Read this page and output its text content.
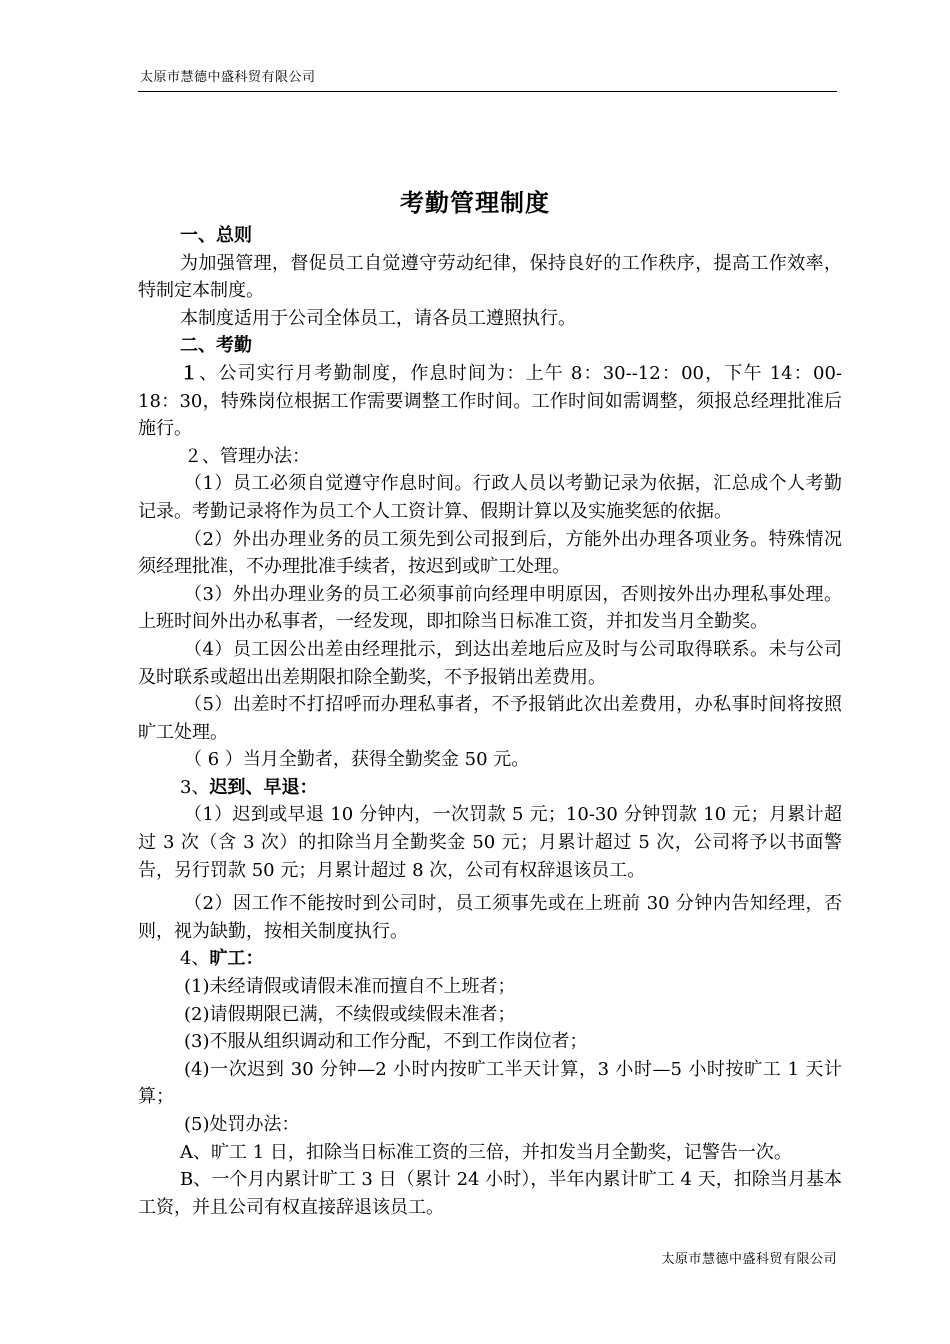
太原市慧德中盛科贸有限公司
考勤管理制度

一、总则

为加强管理，督促员工自觉遵守劳动纪律，保持良好的工作秩序，提高工作效率，特制定本制度。

本制度适用于公司全体员工，请各员工遵照执行。

二、考勤

１、公司实行月考勤制度，作息时间为：上午 8：30--12：00，下午 14：00-18：30，特殊岗位根据工作需要调整工作时间。工作时间如需调整，须报总经理批准后施行。

２、管理办法：

（1）员工必须自觉遵守作息时间。行政人员以考勤记录为依据，汇总成个人考勤记录。考勤记录将作为员工个人工资计算、假期计算以及实施奖惩的依据。

（2）外出办理业务的员工须先到公司报到后，方能外出办理各项业务。特殊情况须经理批准，不办理批准手续者，按迟到或旷工处理。

（3）外出办理业务的员工必须事前向经理申明原因，否则按外出办理私事处理。上班时间外出办私事者，一经发现，即扣除当日标准工资，并扣发当月全勤奖。

（4）员工因公出差由经理批示，到达出差地后应及时与公司取得联系。未与公司及时联系或超出出差期限扣除全勤奖，不予报销出差费用。

（5）出差时不打招呼而办理私事者，不予报销此次出差费用，办私事时间将按照旷工处理。

（ 6 ）当月全勤者，获得全勤奖金 50 元。

3、迟到、早退：

（1）迟到或早退 10 分钟内，一次罚款 5 元；10-30 分钟罚款 10 元；月累计超过 3 次（含 3 次）的扣除当月全勤奖金 50 元；月累计超过 5 次，公司将予以书面警告，另行罚款 50 元；月累计超过 8 次，公司有权辞退该员工。

（2）因工作不能按时到公司时，员工须事先或在上班前 30 分钟内告知经理，否则，视为缺勤，按相关制度执行。

4、旷工：

(1)未经请假或请假未准而擅自不上班者；

(2)请假期限已满，不续假或续假未准者；

(3)不服从组织调动和工作分配，不到工作岗位者；

(4)一次迟到 30 分钟—2 小时内按旷工半天计算，3 小时—5 小时按旷工 1 天计算；

(5)处罚办法：

A、旷工 1 日，扣除当日标准工资的三倍，并扣发当月全勤奖，记警告一次。

B、一个月内累计旷工 3 日（累计 24 小时），半年内累计旷工 4 天，扣除当月基本工资，并且公司有权直接辞退该员工。

太原市慧德中盛科贸有限公司
